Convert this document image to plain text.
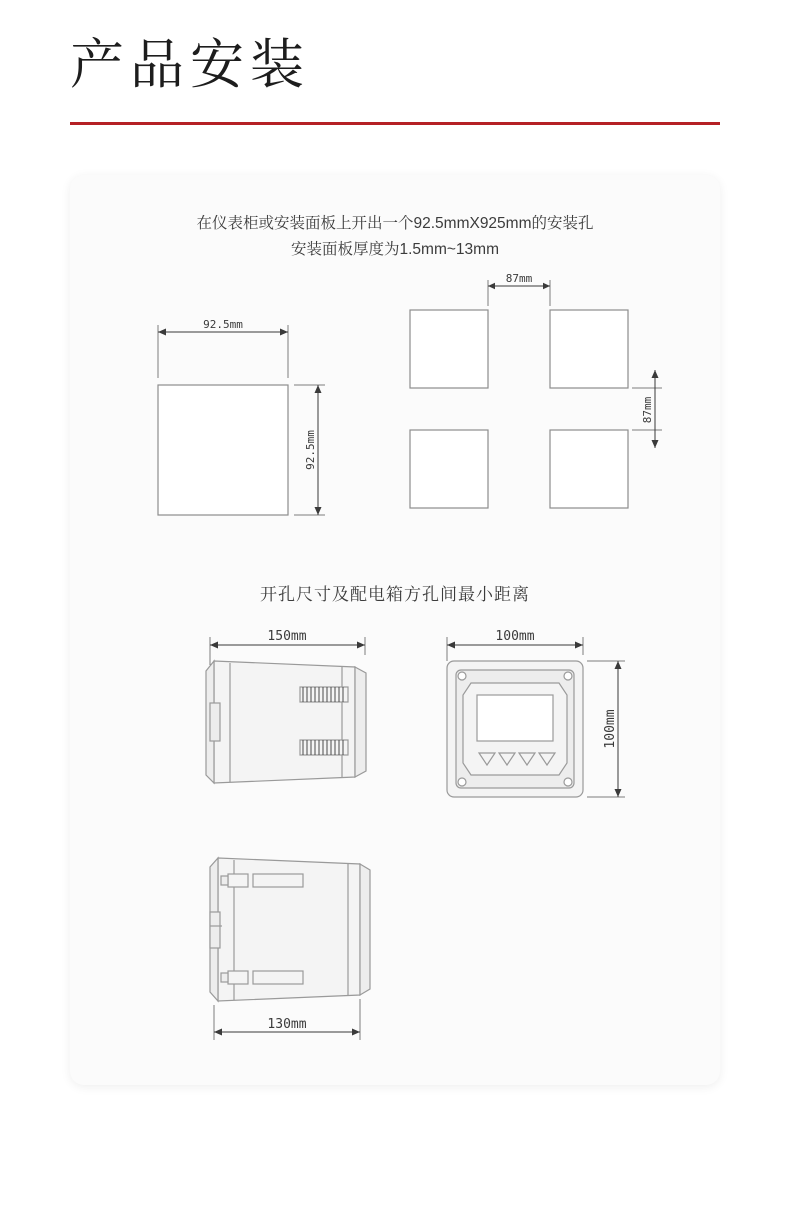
产品安装
在仪表柜或安装面板上开出一个92.5mmX925mm的安装孔
安装面板厚度为1.5mm~13mm
92.5mm
92.5mm
87mm
87mm
开孔尺寸及配电箱方孔间最小距离
150mm	100mm
100mm
130mm
